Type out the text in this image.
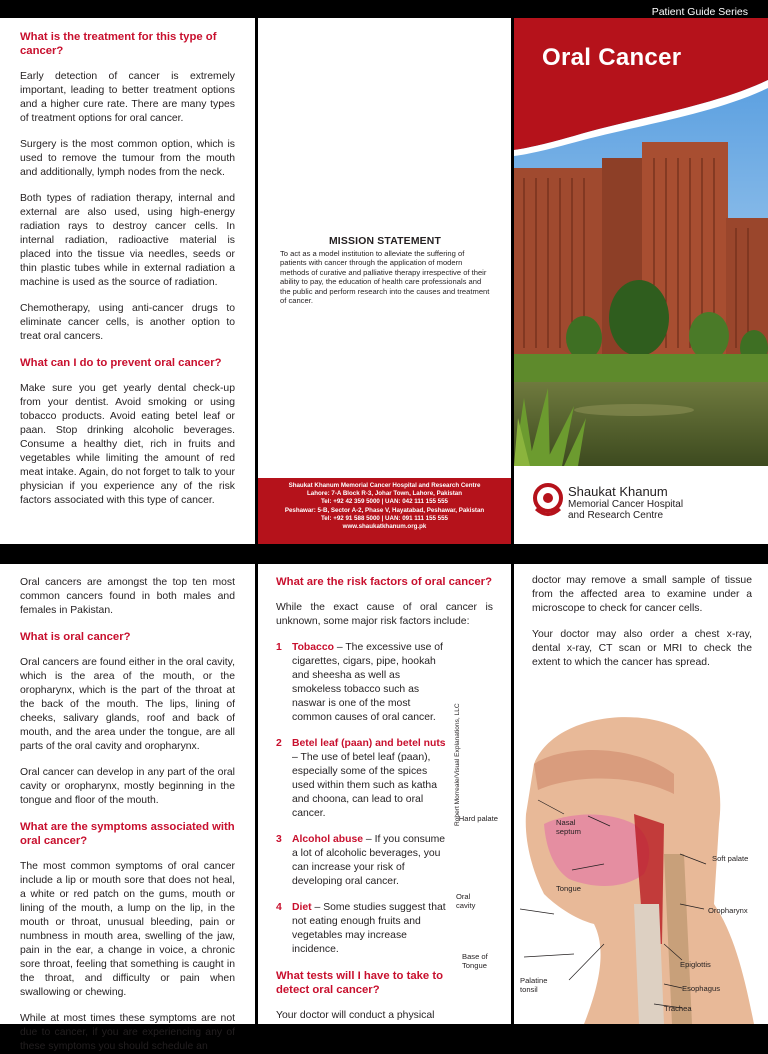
What is the treatment for this type of cancer?
Early detection of cancer is extremely important, leading to better treatment options and a higher cure rate. There are many types of treatment options for oral cancer.
Surgery is the most common option, which is used to remove the tumour from the mouth and additionally, lymph nodes from the neck.
Both types of radiation therapy, internal and external are also used, using high-energy radiation rays to destroy cancer cells. In internal radiation, radioactive material is placed into the tissue via needles, seeds or thin plastic tubes while in external radiation a machine is used as the source of radiation.
Chemotherapy, using anti-cancer drugs to eliminate cancer cells, is another option to treat oral cancers.
What can I do to prevent oral cancer?
Make sure you get yearly dental check-up from your dentist. Avoid smoking or using tobacco products. Avoid eating betel leaf or paan. Stop drinking alcoholic beverages. Consume a healthy diet, rich in fruits and vegetables while limiting the amount of red meat intake. Again, do not forget to talk to your physician if you experience any of the risk factors associated with this type of cancer.
MISSION STATEMENT
To act as a model institution to alleviate the suffering of patients with cancer through the application of modern methods of curative and palliative therapy irrespective of their ability to pay, the education of health care professionals and the public and perform research into the causes and treatment of cancer.
Shaukat Khanum Memorial Cancer Hospital and Research Centre
Lahore: 7-A Block R-3, Johar Town, Lahore, Pakistan
Tel: +92 42 359 5000 | UAN: 042 111 155 555
Peshawar: 5-B, Sector A-2, Phase V, Hayatabad, Peshawar, Pakistan
Tel: +92 91 588 5000 | UAN: 091 111 155 555
www.shaukatkhanum.org.pk
Patient Guide Series
Oral Cancer
Shaukat Khanum
Memorial Cancer Hospital
and Research Centre
Oral cancers are amongst the top ten most common cancers found in both males and females in Pakistan.
What is oral cancer?
Oral cancers are found either in the oral cavity, which is the area of the mouth, or the oropharynx, which is the part of the throat at the back of the mouth. The lips, lining of cheeks, salivary glands, roof and back of mouth, and the area under the tongue, are all parts of the oral cavity and oropharynx.
Oral cancer can develop in any part of the oral cavity or oropharynx, mostly beginning in the tongue and floor of the mouth.
What are the symptoms associated with oral cancer?
The most common symptoms of oral cancer include a lip or mouth sore that does not heal, a white or red patch on the gums, mouth or lining of the mouth, a lump on the lip, in the mouth or throat, unusual bleeding, pain or numbness in mouth area, swelling of the jaw, pain in the ear, a change in voice, a chronic sore throat, feeling that something is caught in the throat, and difficulty or pain when swallowing or chewing.
While at most times these symptoms are not due to cancer, if you are experiencing any of these symptoms you should schedule an
What are the risk factors of oral cancer?
While the exact cause of oral cancer is unknown, some major risk factors include:
1 Tobacco – The excessive use of cigarettes, cigars, pipe, hookah and sheesha as well as smokeless tobacco such as naswar is one of the most common causes of oral cancer.
2 Betel leaf (paan) and betel nuts – The use of betel leaf (paan), especially some of the spices used within them such as katha and choona, can lead to oral cancer.
3 Alcohol abuse – If you consume a lot of alcoholic beverages, you can increase your risk of developing oral cancer.
4 Diet – Some studies suggest that not eating enough fruits and vegetables may increase incidence.
What tests will I have to take to detect oral cancer?
Your doctor will conduct a physical
Robert Morreale/Visual Explanations, LLC
doctor may remove a small sample of tissue from the affected area to examine under a microscope to check for cancer cells.
Your doctor may also order a chest x-ray, dental x-ray, CT scan or MRI to check the extent to which the cancer has spread.
Hard palate	Nasal septum
Soft palate
Tongue
Oral cavity
Oropharynx
Base of Tongue	Epiglottis
Palatine tonsil	Esophagus
Trachea
